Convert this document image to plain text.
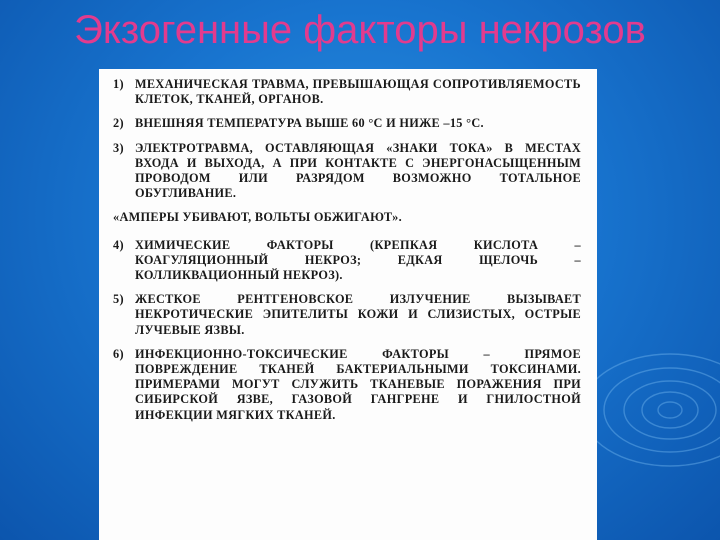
Экзогенные факторы некрозов
1) МЕХАНИЧЕСКАЯ ТРАВМА, ПРЕВЫШАЮЩАЯ СОПРОТИВЛЯЕМОСТЬ КЛЕТОК, ТКАНЕЙ, ОРГАНОВ.
2) ВНЕШНЯЯ ТЕМПЕРАТУРА ВЫШЕ 60 °С И НИЖЕ –15 °С.
3) ЭЛЕКТРОТРАВМА, ОСТАВЛЯЮЩАЯ «ЗНАКИ ТОКА» В МЕСТАХ ВХОДА И ВЫХОДА, А ПРИ КОНТАКТЕ С ЭНЕРГОНАСЫЩЕННЫМ ПРОВОДОМ ИЛИ РАЗРЯДОМ ВОЗМОЖНО ТОТАЛЬНОЕ ОБУГЛИВАНИЕ.
«АМПЕРЫ УБИВАЮТ, ВОЛЬТЫ ОБЖИГАЮТ».
4) ХИМИЧЕСКИЕ ФАКТОРЫ (КРЕПКАЯ КИСЛОТА – КОАГУЛЯЦИОННЫЙ НЕКРОЗ; ЕДКАЯ ЩЕЛОЧЬ – КОЛЛИКВАЦИОННЫЙ НЕКРОЗ).
5) ЖЕСТКОЕ РЕНТГЕНОВСКОЕ ИЗЛУЧЕНИЕ ВЫЗЫВАЕТ НЕКРОТИЧЕСКИЕ ЭПИТЕЛИТЫ КОЖИ И СЛИЗИСТЫХ, ОСТРЫЕ ЛУЧЕВЫЕ ЯЗВЫ.
6) ИНФЕКЦИОННО-ТОКСИЧЕСКИЕ ФАКТОРЫ – ПРЯМОЕ ПОВРЕЖДЕНИЕ ТКАНЕЙ БАКТЕРИАЛЬНЫМИ ТОКСИНАМИ. ПРИМЕРАМИ МОГУТ СЛУЖИТЬ ТКАНЕВЫЕ ПОРАЖЕНИЯ ПРИ СИБИРСКОЙ ЯЗВЕ, ГАЗОВОЙ ГАНГРЕНЕ И ГНИЛОСТНОЙ ИНФЕКЦИИ МЯГКИХ ТКАНЕЙ.
